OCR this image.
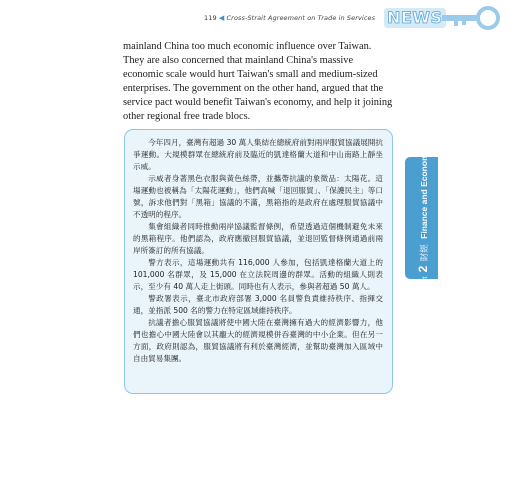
119 ◀ Cross-Strait Agreement on Trade in Services NEWS

mainland China too much economic influence over Taiwan. They are also concerned that mainland China's massive economic scale would hurt Taiwan's small and medium-sized enterprises. The government on the other hand, argued that the service pact would benefit Taiwan's economy, and help it joining other regional free trade blocs.

今年四月，臺灣有超過 30 萬人集結在總統府前對兩岸服貿協議展開抗爭運動。大規模群眾在總統府前及臨近的凱達格蘭大道和中山南路上靜坐示威。

示威者身著黑色衣服與黃色絲帶，並攜帶抗議的象徵品：太陽花。這場運動也被稱為「太陽花運動」，他們高喊「退回服貿」、「保護民主」等口號，訴求他們對「黑箱」協議的不滿，黑箱指的是政府在處理服貿協議中不透明的程序。

集會組織者同時推動兩岸協議監督條例，希望透過這個機制避免未來的黑箱程序。他們認為，政府應撤回服貿協議，並退回監督條例通過前兩岸所簽訂的所有協議。

警方表示，這場運動共有 116,000 人參加，包括凱達格蘭大道上的 101,000 名群眾，及 15,000 在立法院周邊的群眾。活動的組織人則表示，至少有 40 萬人走上街頭。同時也有人表示，參與者超過 50 萬人。

警政署表示，臺北市政府部署 3,000 名員警負責維持秩序、指揮交通，並指派 500 名的警力在特定區域維持秩序。

抗議者擔心服貿協議將使中國大陸在臺灣擁有過大的經濟影響力，他們也擔心中國大陸會以其龐大的經濟規模併吞臺灣的中小企業。但在另一方面，政府則認為，服貿協議將有利於臺灣經濟，並幫助臺灣加入區域中自由貿易集團。

Part 2 財經 Finance and Economics
